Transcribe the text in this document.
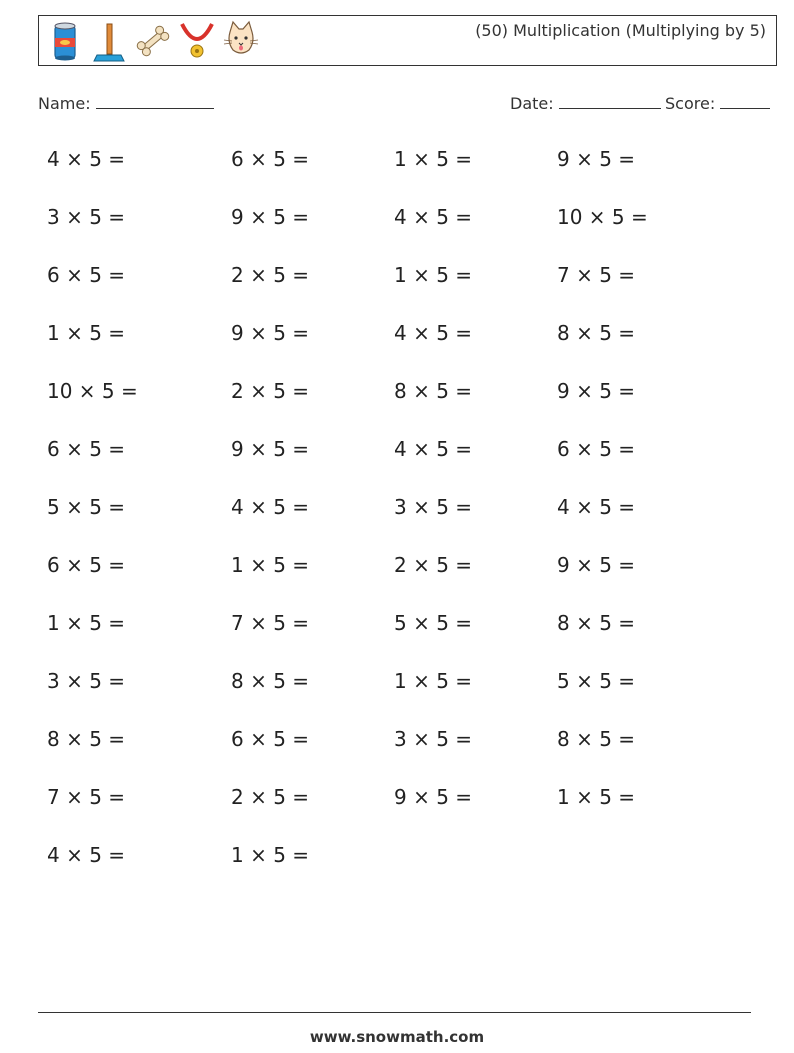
(50) Multiplication (Multiplying by 5)
Name:	Date:	Score:
4 × 5 =
3 × 5 =
6 × 5 =
1 × 5 =
10 × 5 =
6 × 5 =
5 × 5 =
6 × 5 =
1 × 5 =
3 × 5 =
8 × 5 =
7 × 5 =
4 × 5 =
6 × 5 =
9 × 5 =
2 × 5 =
9 × 5 =
2 × 5 =
9 × 5 =
4 × 5 =
1 × 5 =
7 × 5 =
8 × 5 =
6 × 5 =
2 × 5 =
1 × 5 =
1 × 5 =
4 × 5 =
1 × 5 =
4 × 5 =
8 × 5 =
4 × 5 =
3 × 5 =
2 × 5 =
5 × 5 =
1 × 5 =
3 × 5 =
9 × 5 =
9 × 5 =
10 × 5 =
7 × 5 =
8 × 5 =
9 × 5 =
6 × 5 =
4 × 5 =
9 × 5 =
8 × 5 =
5 × 5 =
8 × 5 =
1 × 5 =
www.snowmath.com
